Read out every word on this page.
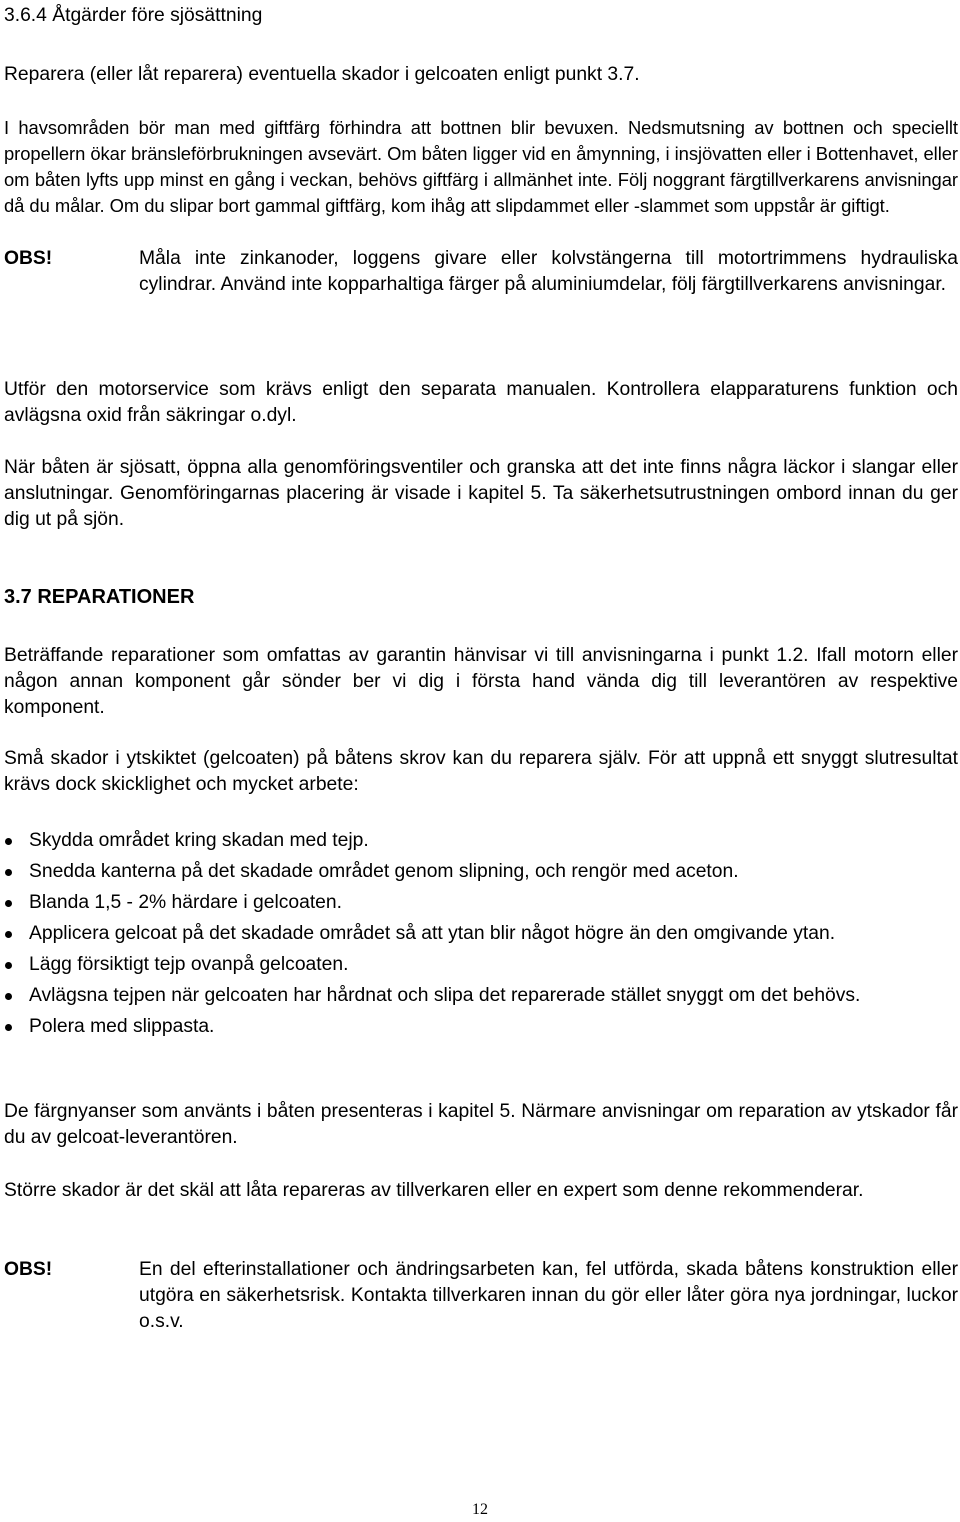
3.6.4 Åtgärder före sjösättning

Reparera (eller låt reparera) eventuella skador i gelcoaten enligt punkt 3.7.

I havsområden bör man med giftfärg förhindra att bottnen blir bevuxen. Nedsmutsning av bottnen och speciellt propellern ökar bränsleförbrukningen avsevärt. Om båten ligger vid en åmynning, i insjövatten eller i Bottenhavet, eller om båten lyfts upp minst en gång i veckan, behövs giftfärg i allmänhet inte. Följ noggrant färgtillverkarens anvisningar då du målar. Om du slipar bort gammal giftfärg, kom ihåg att slipdammet eller -slammet som uppstår är giftigt.

OBS!	Måla inte zinkanoder, loggens givare eller kolvstängerna till motortrimmens hydrauliska cylindrar. Använd inte kopparhaltiga färger på aluminiumdelar, följ färgtillverkarens anvisningar.

Utför den motorservice som krävs enligt den separata manualen. Kontrollera elapparaturens funktion och avlägsna oxid från säkringar o.dyl.

När båten är sjösatt, öppna alla genomföringsventiler och granska att det inte finns några läckor i slangar eller anslutningar. Genomföringarnas placering är visade i kapitel 5. Ta säkerhetsutrustningen ombord innan du ger dig ut på sjön.

3.7 REPARATIONER

Beträffande reparationer som omfattas av garantin hänvisar vi till anvisningarna i punkt 1.2. Ifall motorn eller någon annan komponent går sönder ber vi dig i första hand vända dig till leverantören av respektive komponent.

Små skador i ytskiktet (gelcoaten) på båtens skrov kan du reparera själv. För att uppnå ett snyggt slutresultat krävs dock skicklighet och mycket arbete:

Skydda området kring skadan med tejp.
Snedda kanterna på det skadade området genom slipning, och rengör med aceton.
Blanda 1,5 - 2% härdare i gelcoaten.
Applicera gelcoat på det skadade området så att ytan blir något högre än den omgivande ytan.
Lägg försiktigt tejp ovanpå gelcoaten.
Avlägsna tejpen när gelcoaten har hårdnat och slipa det reparerade stället snyggt om det behövs.
Polera med slippasta.

De färgnyanser som använts i båten presenteras i kapitel 5. Närmare anvisningar om reparation av ytskador får du av gelcoat-leverantören.

Större skador är det skäl att låta repareras av tillverkaren eller en expert som denne rekommenderar.

OBS!	En del efterinstallationer och ändringsarbeten kan, fel utförda, skada båtens konstruktion eller utgöra en säkerhetsrisk. Kontakta tillverkaren innan du gör eller låter göra nya jordningar, luckor o.s.v.
12
